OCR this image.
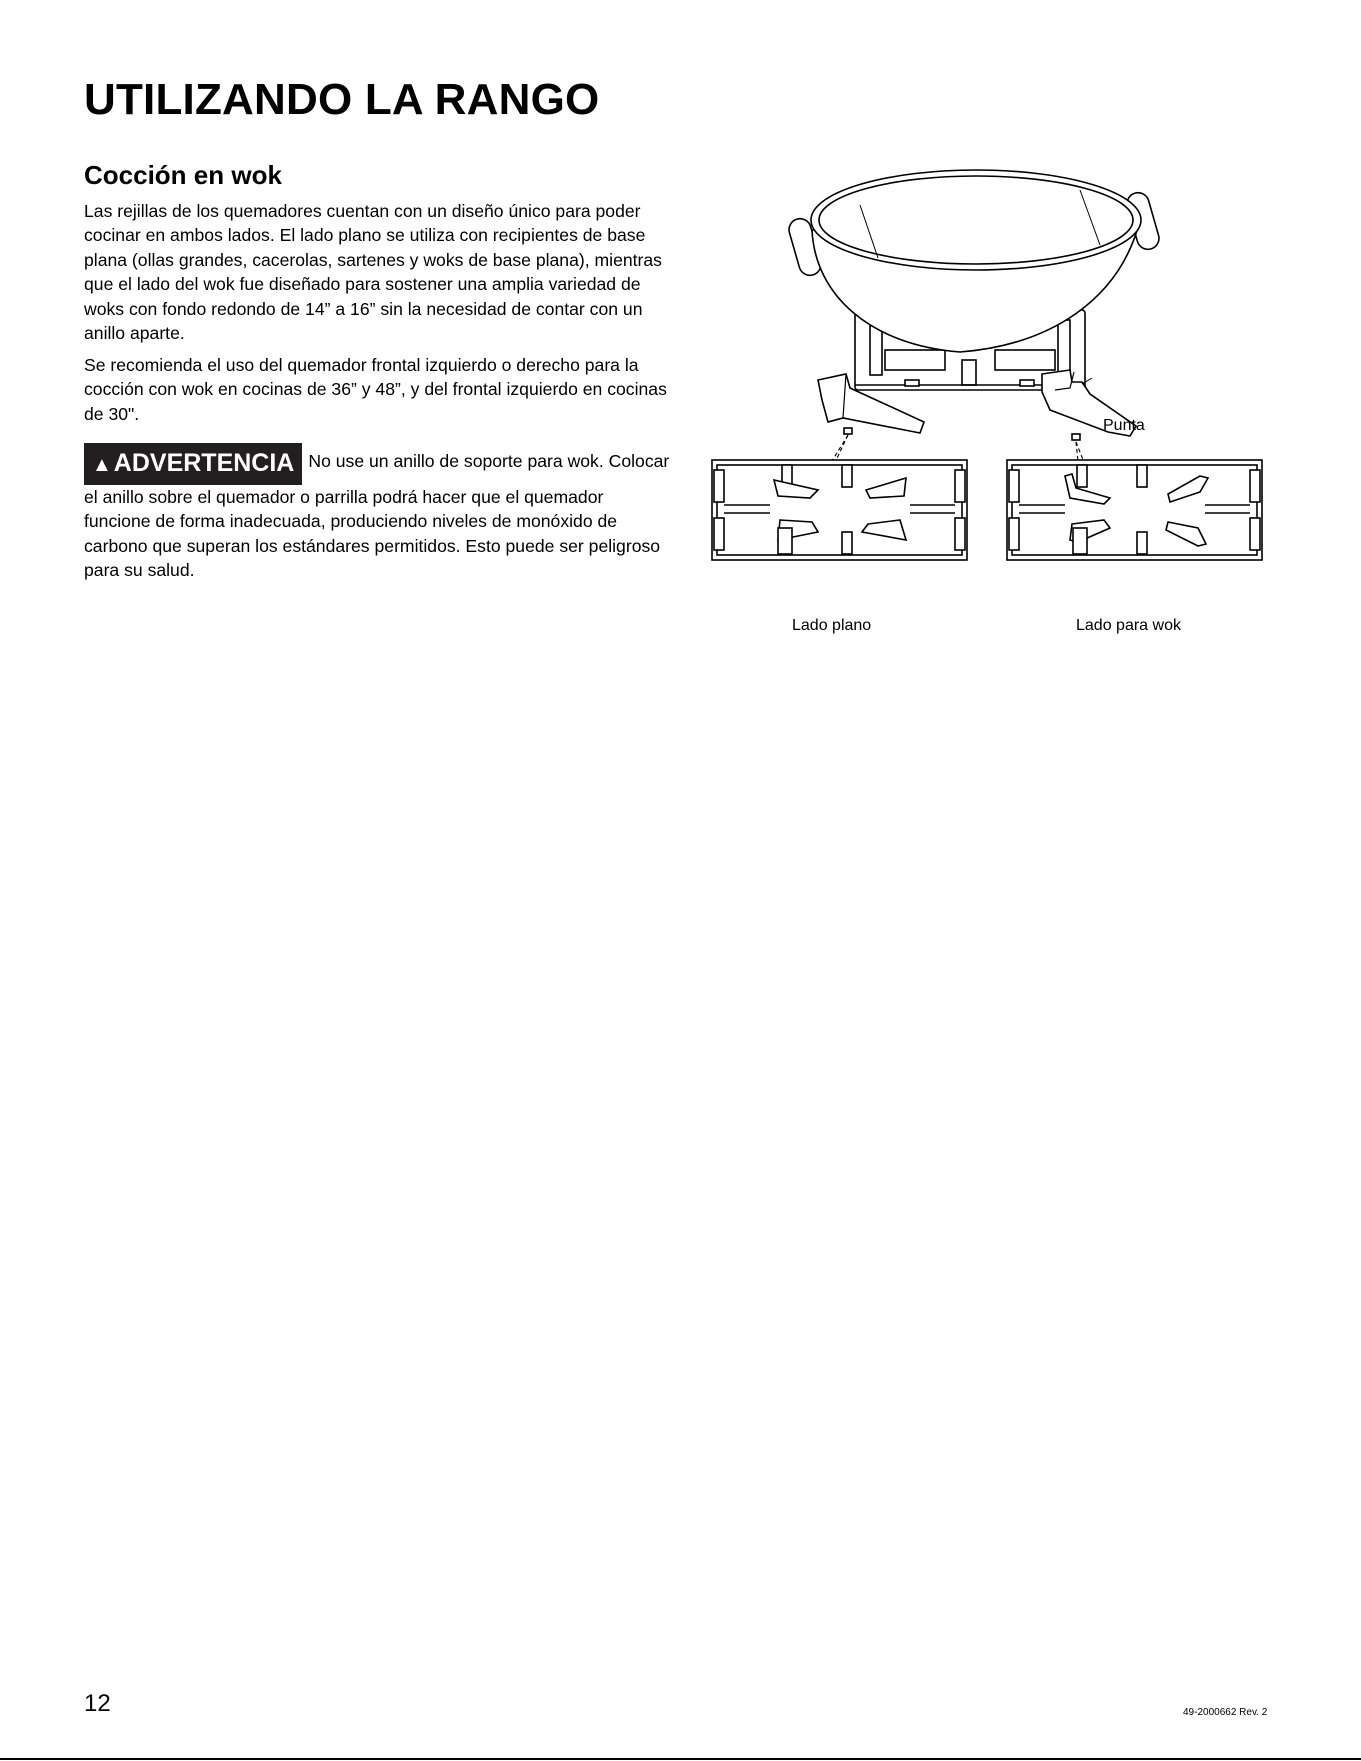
UTILIZANDO LA RANGO
Cocción en wok

Las rejillas de los quemadores cuentan con un diseño único para poder cocinar en ambos lados. El lado plano se utiliza con recipientes de base plana (ollas grandes, cacerolas, sartenes y woks de base plana), mientras que el lado del wok fue diseñado para sostener una amplia variedad de woks con fondo redondo de 14” a 16” sin la necesidad de contar con un anillo aparte.

Se recomienda el uso del quemador frontal izquierdo o derecho para la cocción con wok en cocinas de 36” y 48”, y del frontal izquierdo en cocinas de 30".

▲ADVERTENCIA No use un anillo de soporte para wok. Colocar el anillo sobre el quemador o parrilla podrá hacer que el quemador funcione de forma inadecuada, produciendo niveles de monóxido de carbono que superan los estándares permitidos. Esto puede ser peligroso para su salud.
Punta
Lado plano	Lado para wok
12	49-2000662 Rev. 2
